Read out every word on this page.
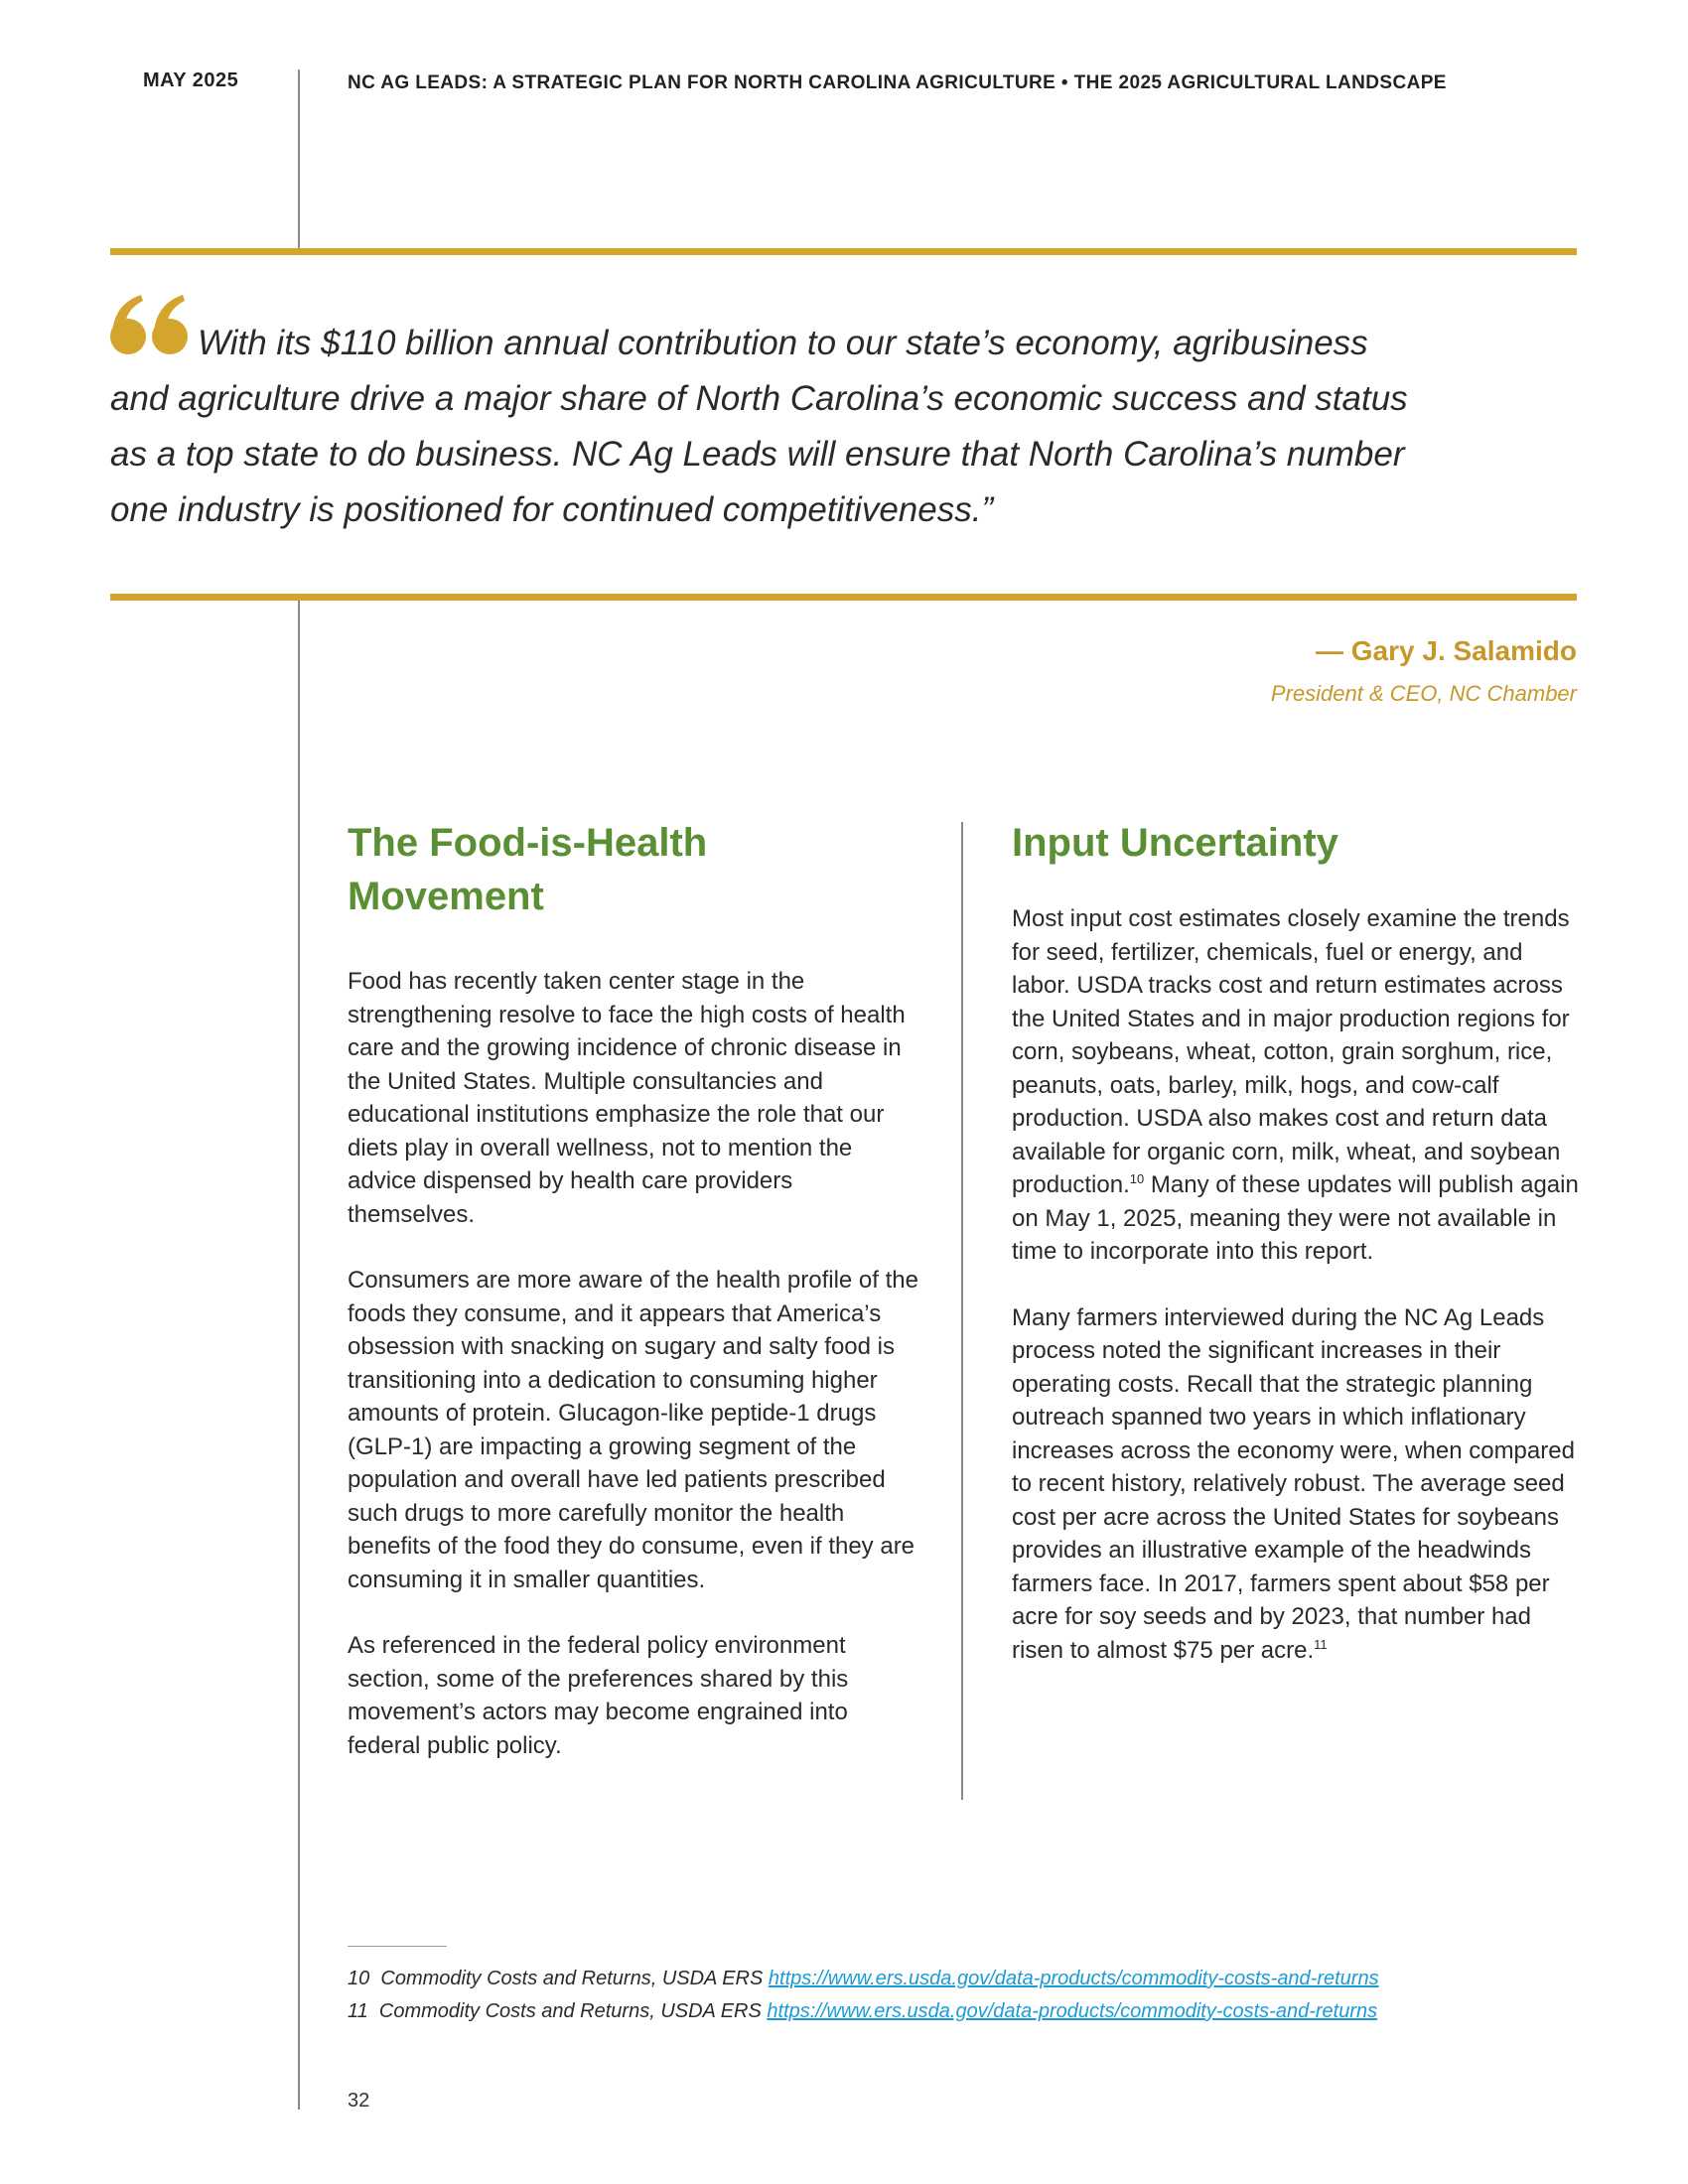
MAY 2025	NC AG LEADS: A STRATEGIC PLAN FOR NORTH CAROLINA AGRICULTURE • THE 2025 AGRICULTURAL LANDSCAPE
With its $110 billion annual contribution to our state’s economy, agribusiness
and agriculture drive a major share of North Carolina’s economic success and status
as a top state to do business. NC Ag Leads will ensure that North Carolina’s number
one industry is positioned for continued competitiveness.”
— Gary J. Salamido
President & CEO, NC Chamber
The Food-is-Health
Movement

Food has recently taken center stage in the strengthening resolve to face the high costs of health care and the growing incidence of chronic disease in the United States. Multiple consultancies and educational institutions emphasize the role that our diets play in overall wellness, not to mention the advice dispensed by health care providers themselves.

Consumers are more aware of the health profile of the foods they consume, and it appears that America’s obsession with snacking on sugary and salty food is transitioning into a dedication to consuming higher amounts of protein. Glucagon-like peptide-1 drugs (GLP-1) are impacting a growing segment of the population and overall have led patients prescribed such drugs to more carefully monitor the health benefits of the food they do consume, even if they are consuming it in smaller quantities.

As referenced in the federal policy environment section, some of the preferences shared by this movement’s actors may become engrained into federal public policy.

Input Uncertainty

Most input cost estimates closely examine the trends for seed, fertilizer, chemicals, fuel or energy, and labor. USDA tracks cost and return estimates across the United States and in major production regions for corn, soybeans, wheat, cotton, grain sorghum, rice, peanuts, oats, barley, milk, hogs, and cow-calf production. USDA also makes cost and return data available for organic corn, milk, wheat, and soybean production.$^{10}$ Many of these updates will publish again on May 1, 2025, meaning they were not available in time to incorporate into this report.

Many farmers interviewed during the NC Ag Leads process noted the significant increases in their operating costs. Recall that the strategic planning outreach spanned two years in which inflationary increases across the economy were, when compared to recent history, relatively robust. The average seed cost per acre across the United States for soybeans provides an illustrative example of the headwinds farmers face. In 2017, farmers spent about $58 per acre for soy seeds and by 2023, that number had risen to almost $75 per acre.$^{11}$

10 Commodity Costs and Returns, USDA ERS https://www.ers.usda.gov/data-products/commodity-costs-and-returns
11 Commodity Costs and Returns, USDA ERS https://www.ers.usda.gov/data-products/commodity-costs-and-returns
32
